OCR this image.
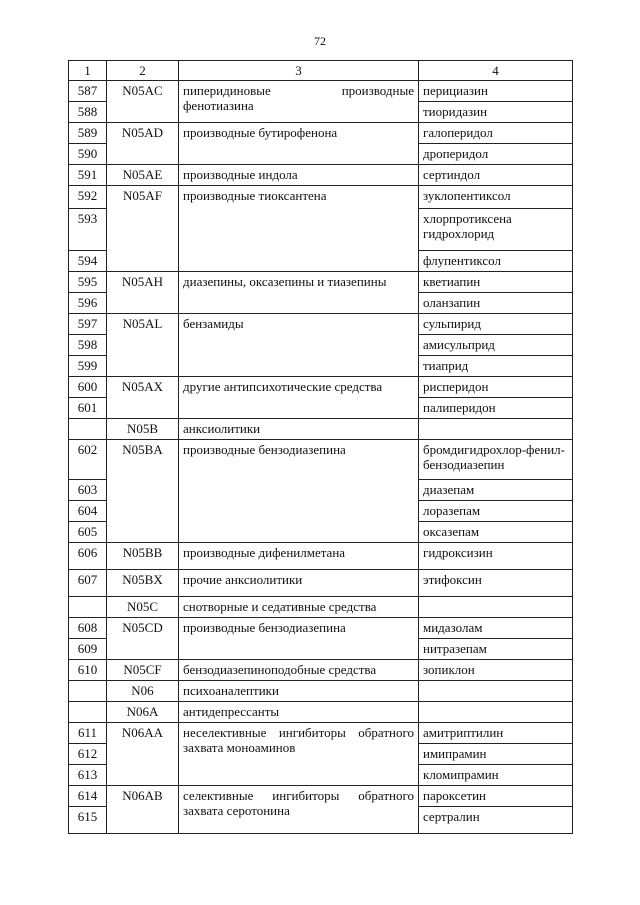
72
1	2	3	4
587	N05AC	пиперидиновые производные фенотиазина	перициазин
588			тиоридазин
589	N05AD	производные бутирофенона	галоперидол
590			дроперидол
591	N05AE	производные индола	сертиндол
592	N05AF	производные тиоксантена	зуклопентиксол
593			хлорпротиксена гидрохлорид
594			флупентиксол
595	N05AH	диазепины, оксазепины и тиазепины	кветиапин
596			оланзапин
597	N05AL	бензамиды	сульпирид
598			амисульприд
599			тиаприд
600	N05AX	другие антипсихотические средства	рисперидон
601			палиперидон
	N05B	анксиолитики	
602	N05BA	производные бензодиазепина	бромдигидрохлор-фенил-бензодиазепин
603			диазепам
604			лоразепам
605			оксазепам
606	N05BB	производные дифенилметана	гидроксизин
607	N05BX	прочие анксиолитики	этифоксин
	N05C	снотворные и седативные средства	
608	N05CD	производные бензодиазепина	мидазолам
609			нитразепам
610	N05CF	бензодиазепиноподобные средства	зопиклон
	N06	психоаналептики	
	N06A	антидепрессанты	
611	N06AA	неселективные ингибиторы обратного захвата моноаминов	амитриптилин
612			имипрамин
613			кломипрамин
614	N06AB	селективные ингибиторы обратного захвата серотонина	пароксетин
615			сертралин
